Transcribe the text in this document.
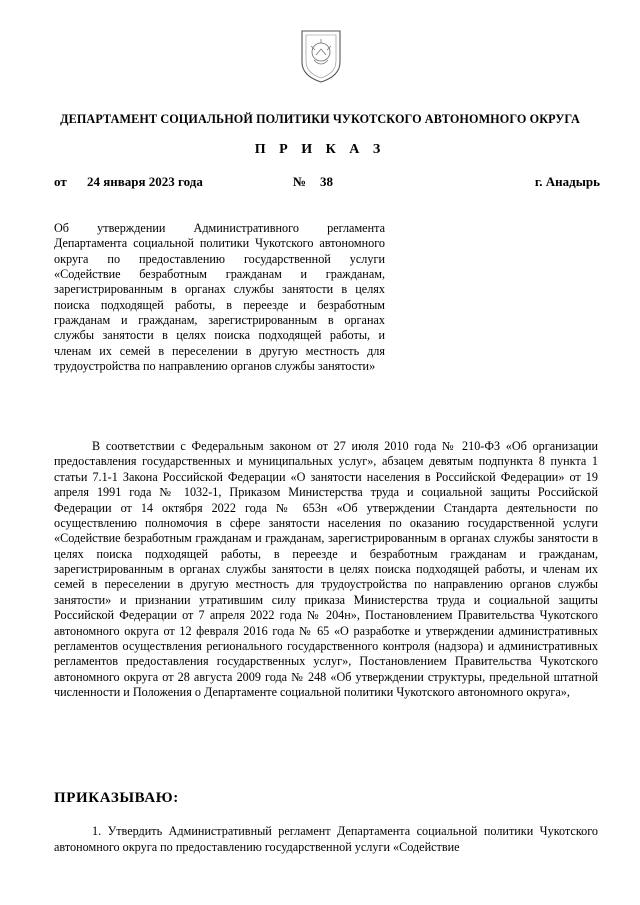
ДЕПАРТАМЕНТ СОЦИАЛЬНОЙ ПОЛИТИКИ ЧУКОТСКОГО АВТОНОМНОГО ОКРУГА
П Р И К А З
от 24 января 2023 года	№ 38	г. Анадырь
Об утверждении Административного регламента Департамента социальной политики Чукотского автономного округа по предоставлению государственной услуги «Содействие безработным гражданам и гражданам, зарегистрированным в органах службы занятости в целях поиска подходящей работы, в переезде и безработным гражданам и гражданам, зарегистрированным в органах службы занятости в целях поиска подходящей работы, и членам их семей в переселении в другую местность для трудоустройства по направлению органов службы занятости»
В соответствии с Федеральным законом от 27 июля 2010 года № 210-ФЗ «Об организации предоставления государственных и муниципальных услуг», абзацем девятым подпункта 8 пункта 1 статьи 7.1-1 Закона Российской Федерации «О занятости населения в Российской Федерации» от 19 апреля 1991 года № 1032-1, Приказом Министерства труда и социальной защиты Российской Федерации от 14 октября 2022 года № 653н «Об утверждении Стандарта деятельности по осуществлению полномочия в сфере занятости населения по оказанию государственной услуги «Содействие безработным гражданам и гражданам, зарегистрированным в органах службы занятости в целях поиска подходящей работы, в переезде и безработным гражданам и гражданам, зарегистрированным в органах службы занятости в целях поиска подходящей работы, и членам их семей в переселении в другую местность для трудоустройства по направлению органов службы занятости» и признании утратившим силу приказа Министерства труда и социальной защиты Российской Федерации от 7 апреля 2022 года № 204н», Постановлением Правительства Чукотского автономного округа от 12 февраля 2016 года № 65 «О разработке и утверждении административных регламентов осуществления регионального государственного контроля (надзора) и административных регламентов предоставления государственных услуг», Постановлением Правительства Чукотского автономного округа от 28 августа 2009 года № 248 «Об утверждении структуры, предельной штатной численности и Положения о Департаменте социальной политики Чукотского автономного округа»,
ПРИКАЗЫВАЮ:
1. Утвердить Административный регламент Департамента социальной политики Чукотского автономного округа по предоставлению государственной услуги «Содействие
